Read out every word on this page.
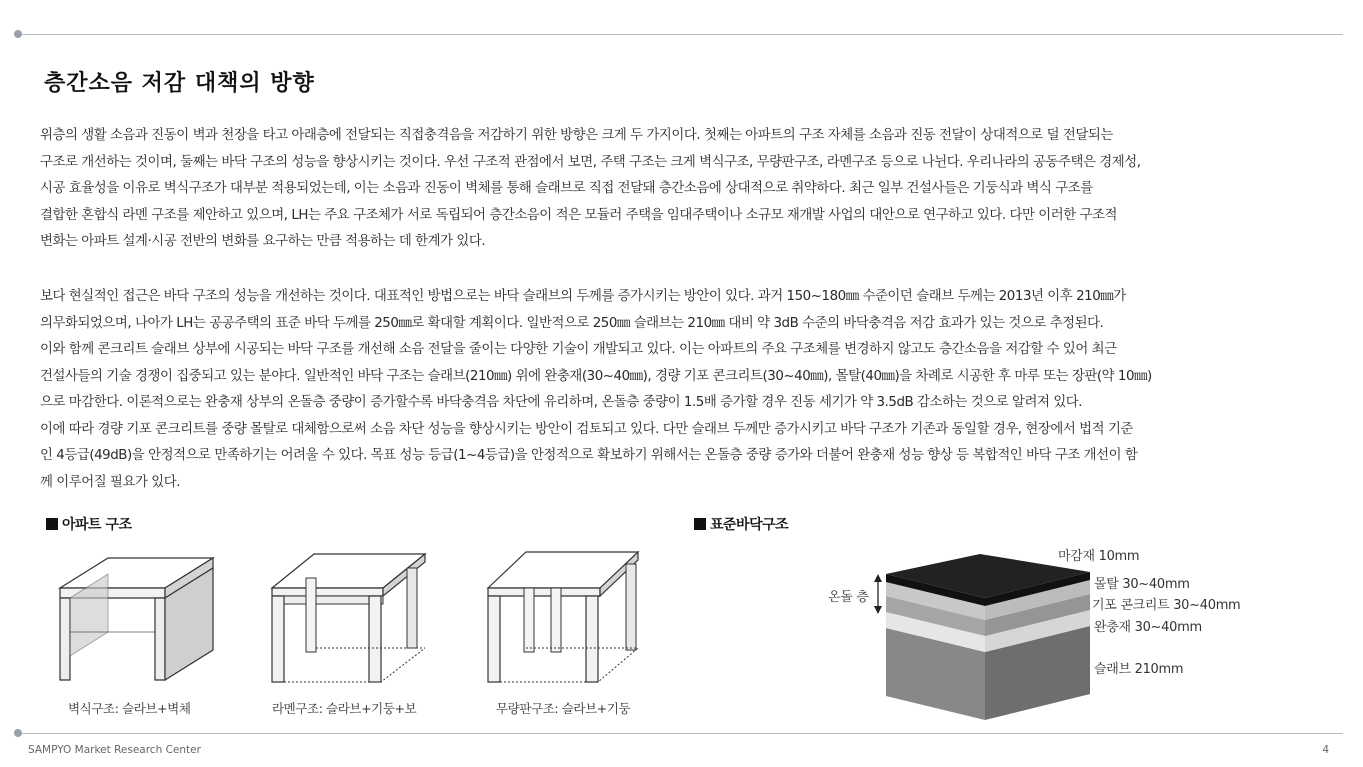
층간소음 저감 대책의 방향
위층의 생활 소음과 진동이 벽과 천장을 타고 아래층에 전달되는 직접충격음을 저감하기 위한 방향은 크게 두 가지이다. 첫째는 아파트의 구조 자체를 소음과 진동 전달이 상대적으로 덜 전달되는
구조로 개선하는 것이며, 둘째는 바닥 구조의 성능을 향상시키는 것이다. 우선 구조적 관점에서 보면, 주택 구조는 크게 벽식구조, 무량판구조, 라멘구조 등으로 나뉜다. 우리나라의 공동주택은 경제성,
시공 효율성을 이유로 벽식구조가 대부분 적용되었는데, 이는 소음과 진동이 벽체를 통해 슬래브로 직접 전달돼 층간소음에 상대적으로 취약하다. 최근 일부 건설사들은 기둥식과 벽식 구조를
결합한 혼합식 라멘 구조를 제안하고 있으며, LH는 주요 구조체가 서로 독립되어 층간소음이 적은 모듈러 주택을 임대주택이나 소규모 재개발 사업의 대안으로 연구하고 있다. 다만 이러한 구조적
변화는 아파트 설계·시공 전반의 변화를 요구하는 만큼 적용하는 데 한계가 있다.
보다 현실적인 접근은 바닥 구조의 성능을 개선하는 것이다. 대표적인 방법으로는 바닥 슬래브의 두께를 증가시키는 방안이 있다. 과거 150~180㎜ 수준이던 슬래브 두께는 2013년 이후 210㎜가
의무화되었으며, 나아가 LH는 공공주택의 표준 바닥 두께를 250㎜로 확대할 계획이다. 일반적으로 250㎜ 슬래브는 210㎜ 대비 약 3dB 수준의 바닥충격음 저감 효과가 있는 것으로 추정된다.
이와 함께 콘크리트 슬래브 상부에 시공되는 바닥 구조를 개선해 소음 전달을 줄이는 다양한 기술이 개발되고 있다. 이는 아파트의 주요 구조체를 변경하지 않고도 층간소음을 저감할 수 있어 최근
건설사들의 기술 경쟁이 집중되고 있는 분야다. 일반적인 바닥 구조는 슬래브(210㎜) 위에 완충재(30~40㎜), 경량 기포 콘크리트(30~40㎜), 몰탈(40㎜)을 차례로 시공한 후 마루 또는 장판(약 10㎜)
으로 마감한다. 이론적으로는 완충재 상부의 온돌층 중량이 증가할수록 바닥충격음 차단에 유리하며, 온돌층 중량이 1.5배 증가할 경우 진동 세기가 약 3.5dB 감소하는 것으로 알려져 있다.
이에 따라 경량 기포 콘크리트를 중량 몰탈로 대체함으로써 소음 차단 성능을 향상시키는 방안이 검토되고 있다. 다만 슬래브 두께만 증가시키고 바닥 구조가 기존과 동일할 경우, 현장에서 법적 기준
인 4등급(49dB)을 안정적으로 만족하기는 어려울 수 있다. 목표 성능 등급(1~4등급)을 안정적으로 확보하기 위해서는 온돌층 중량 증가와 더불어 완충재 성능 향상 등 복합적인 바닥 구조 개선이 함
께 이루어질 필요가 있다.
아파트 구조
벽식구조: 슬라브+벽체	라멘구조: 슬라브+기둥+보	무량판구조: 슬라브+기둥
표준바닥구조
온돌 층
마감재 10mm
몰탈 30~40mm
기포 콘크리트 30~40mm
완충재 30~40mm
슬래브 210mm
SAMPYO Market Research Center	4
